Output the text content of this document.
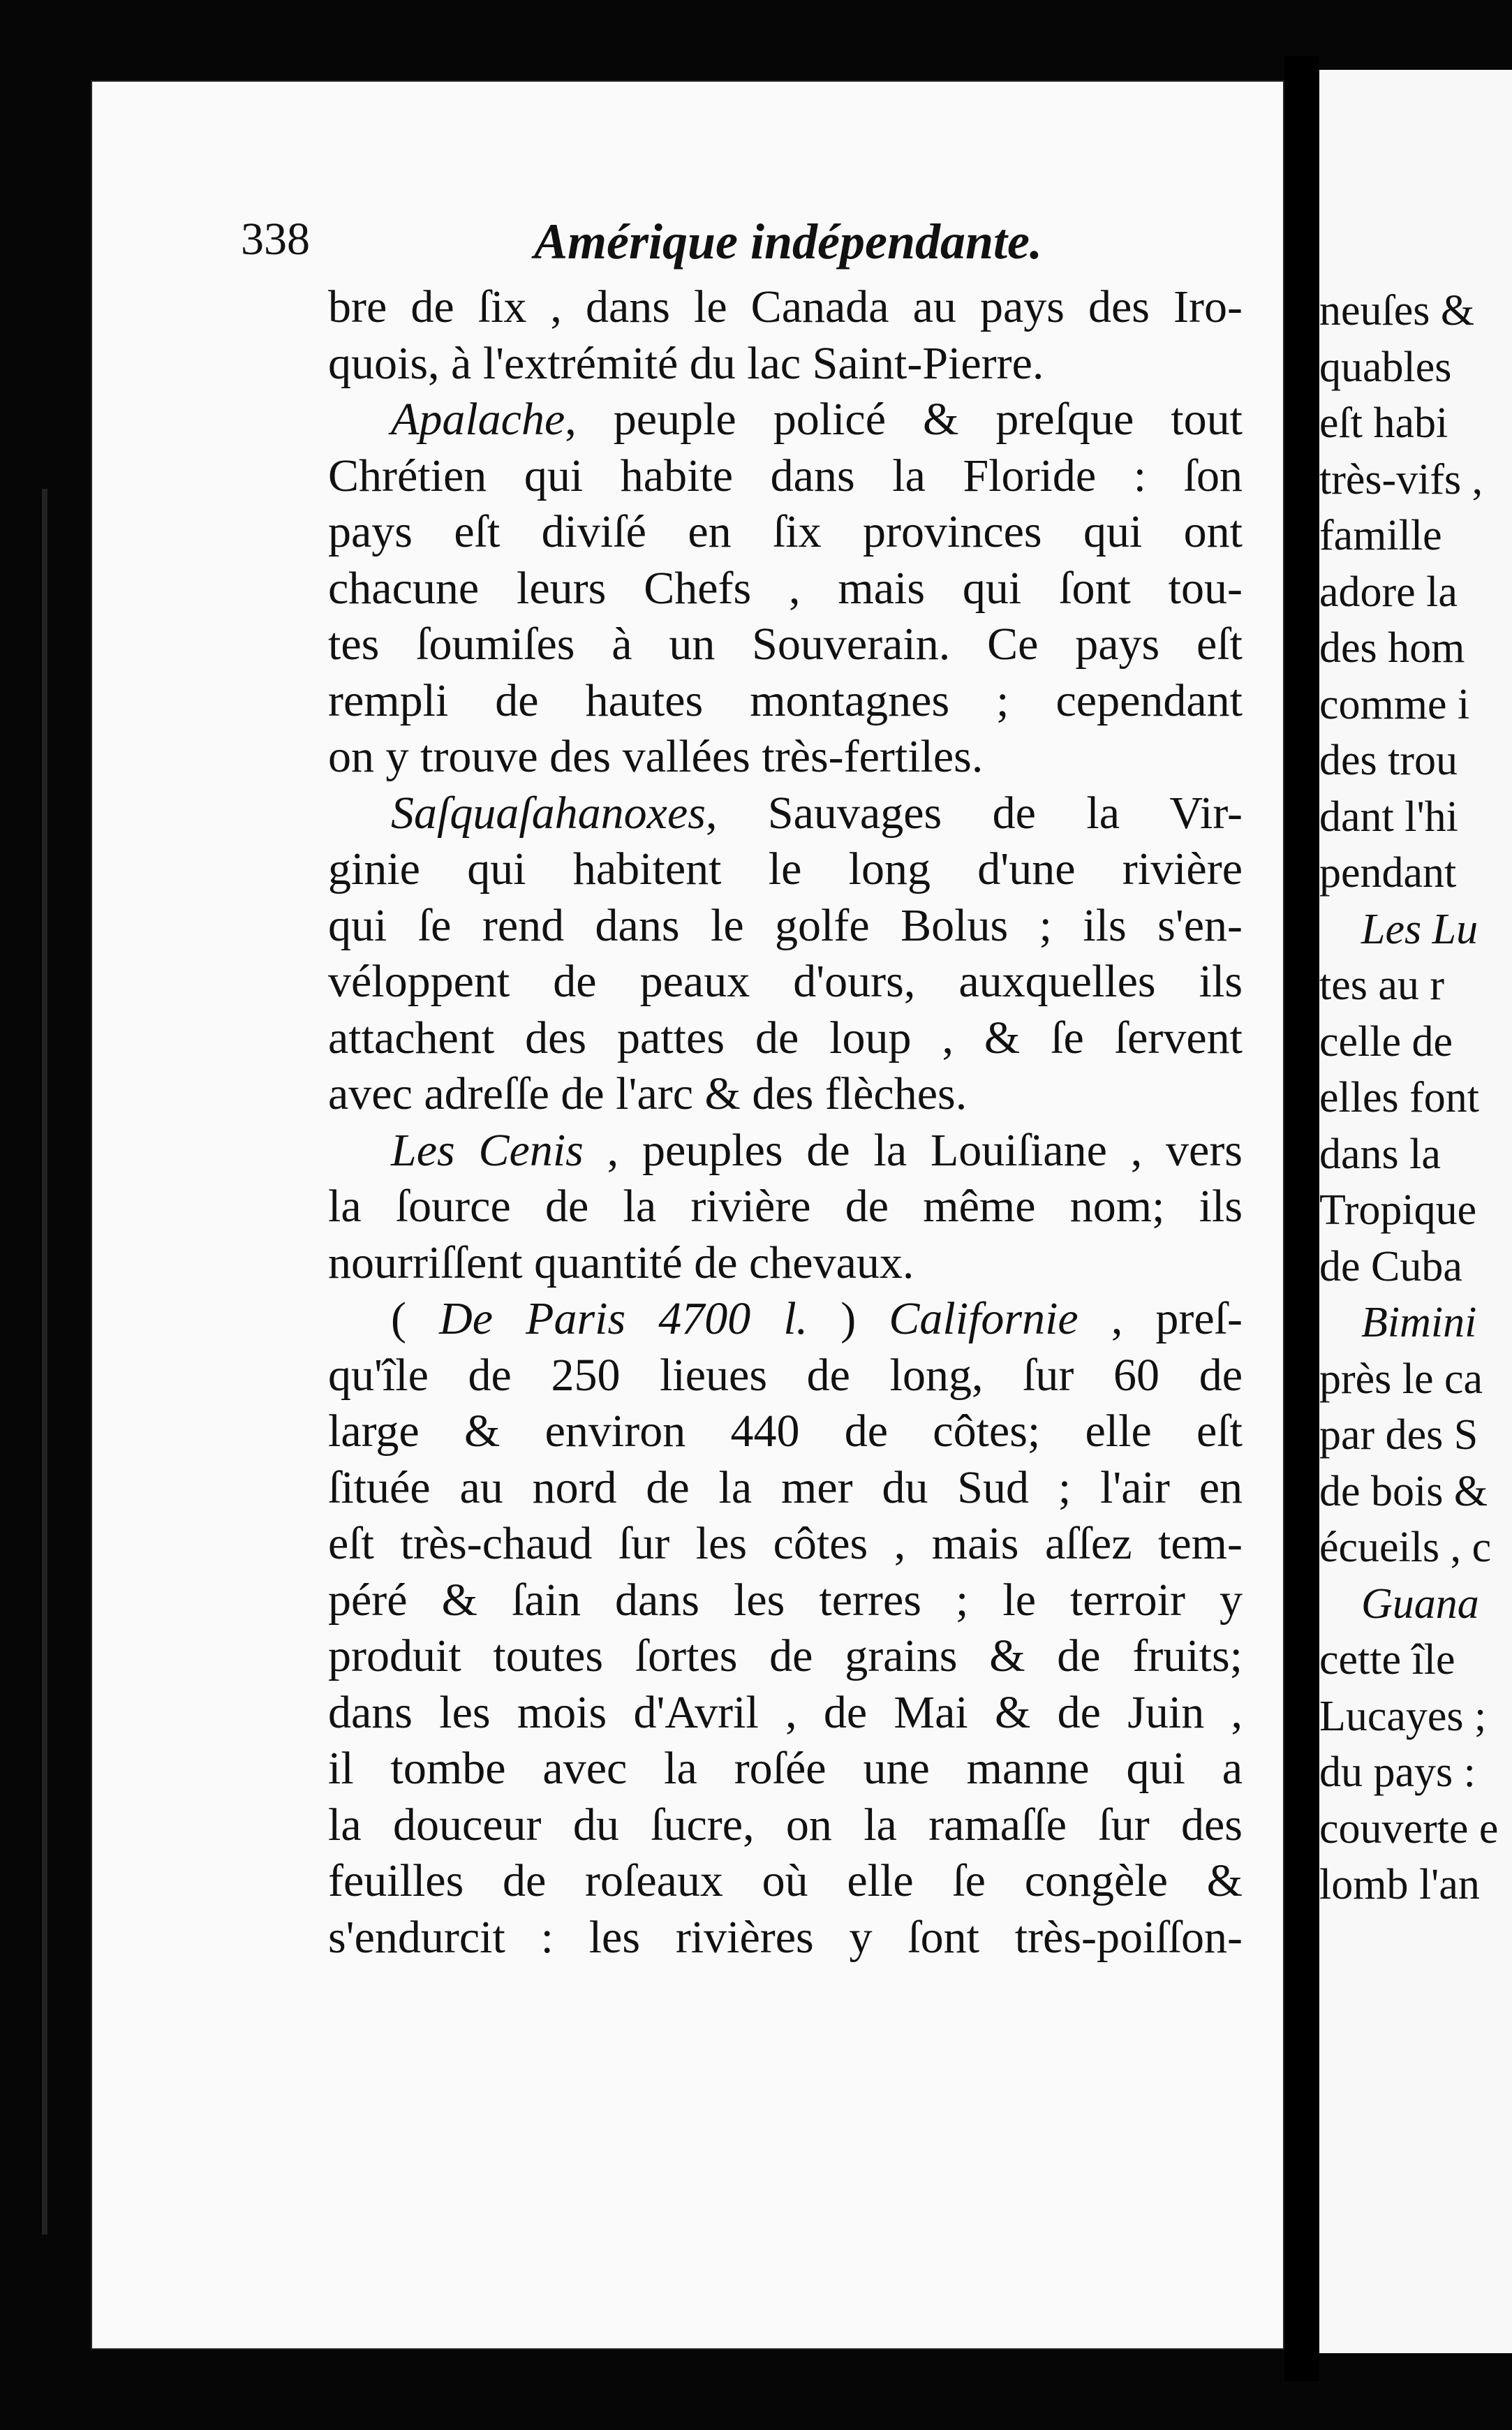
338	Amérique indépendante.
bre de ſix , dans le Canada au pays des Iro-
quois, à l'extrémité du lac Saint-Pierre.
Apalache, peuple policé & preſque tout
Chrétien qui habite dans la Floride : ſon
pays eſt diviſé en ſix provinces qui ont
chacune leurs Chefs , mais qui ſont tou-
tes ſoumiſes à un Souverain. Ce pays eſt
rempli de hautes montagnes ; cependant
on y trouve des vallées très-fertiles.
Saſquaſahanoxes, Sauvages de la Vir-
ginie qui habitent le long d'une rivière
qui ſe rend dans le golfe Bolus ; ils s'en-
véloppent de peaux d'ours, auxquelles ils
attachent des pattes de loup , & ſe ſervent
avec adreſſe de l'arc & des flèches.
Les Cenis , peuples de la Louiſiane , vers
la ſource de la rivière de même nom; ils
nourriſſent quantité de chevaux.
( De Paris 4700 l. ) Californie , preſ-
qu'île de 250 lieues de long, ſur 60 de
large & environ 440 de côtes; elle eſt
ſituée au nord de la mer du Sud ; l'air en
eſt très-chaud ſur les côtes , mais aſſez tem-
péré & ſain dans les terres ; le terroir y
produit toutes ſortes de grains & de fruits;
dans les mois d'Avril , de Mai & de Juin ,
il tombe avec la roſée une manne qui a
la douceur du ſucre, on la ramaſſe ſur des
feuilles de roſeaux où elle ſe congèle &
s'endurcit : les rivières y ſont très-poiſſon-
neuſes &
quables
eſt habi
très-vifs ,
famille
adore la
des hom
comme i
des trou
dant l'hi
pendant
Les Lu
tes au r
celle de
elles font
dans la
Tropique
de Cuba
Bimini
près le ca
par des S
de bois &
écueils , c
Guana
cette île
Lucayes ;
du pays :
couverte e
lomb l'an
